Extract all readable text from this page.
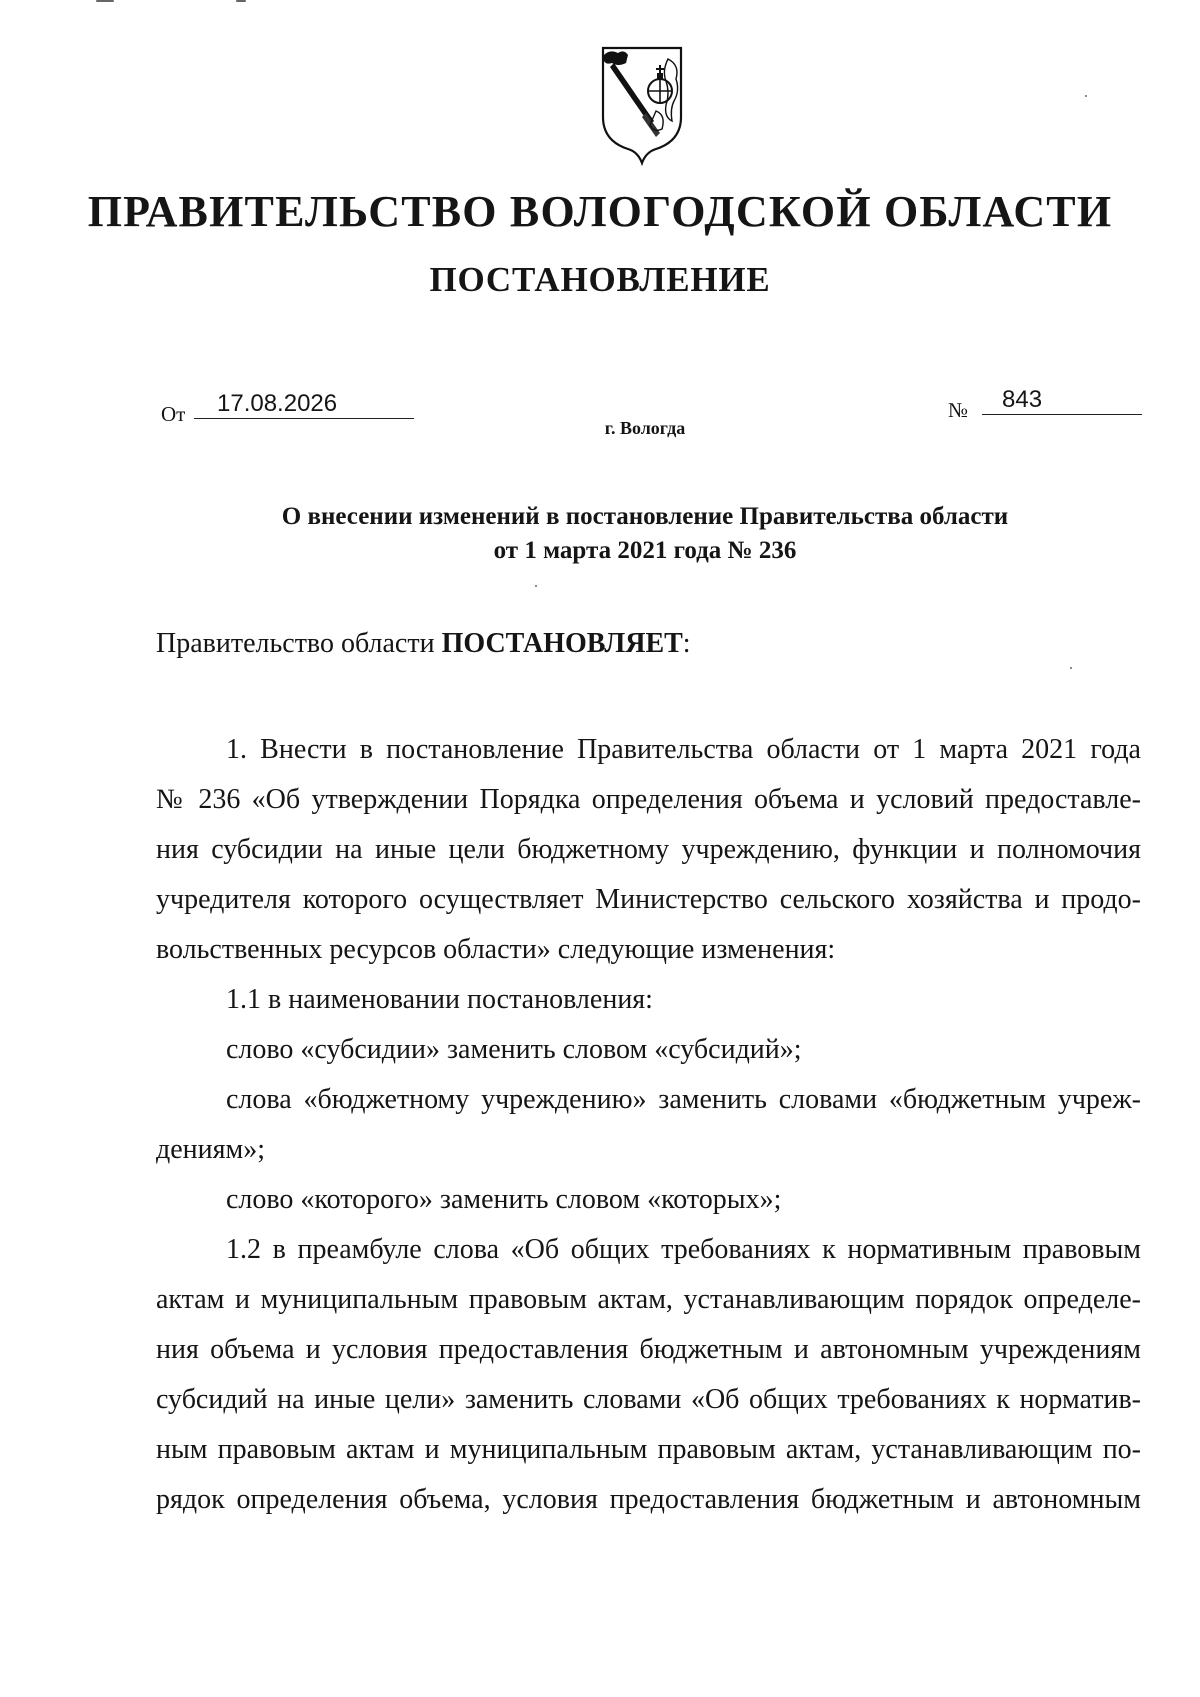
ПРАВИТЕЛЬСТВО ВОЛОГОДСКОЙ ОБЛАСТИ
ПОСТАНОВЛЕНИЕ
От 17.08.2026	№ 843
г. Вологда
О внесении изменений в постановление Правительства области
от 1 марта 2021 года № 236
Правительство области ПОСТАНОВЛЯЕТ:
1. Внести в постановление Правительства области от 1 марта 2021 года
№ 236 «Об утверждении Порядка определения объема и условий предоставле-
ния субсидии на иные цели бюджетному учреждению, функции и полномочия
учредителя которого осуществляет Министерство сельского хозяйства и продо-
вольственных ресурсов области» следующие изменения:
1.1 в наименовании постановления:
слово «субсидии» заменить словом «субсидий»;
слова «бюджетному учреждению» заменить словами «бюджетным учреж-
дениям»;
слово «которого» заменить словом «которых»;
1.2 в преамбуле слова «Об общих требованиях к нормативным правовым
актам и муниципальным правовым актам, устанавливающим порядок определе-
ния объема и условия предоставления бюджетным и автономным учреждениям
субсидий на иные цели» заменить словами «Об общих требованиях к норматив-
ным правовым актам и муниципальным правовым актам, устанавливающим по-
рядок определения объема, условия предоставления бюджетным и автономным
